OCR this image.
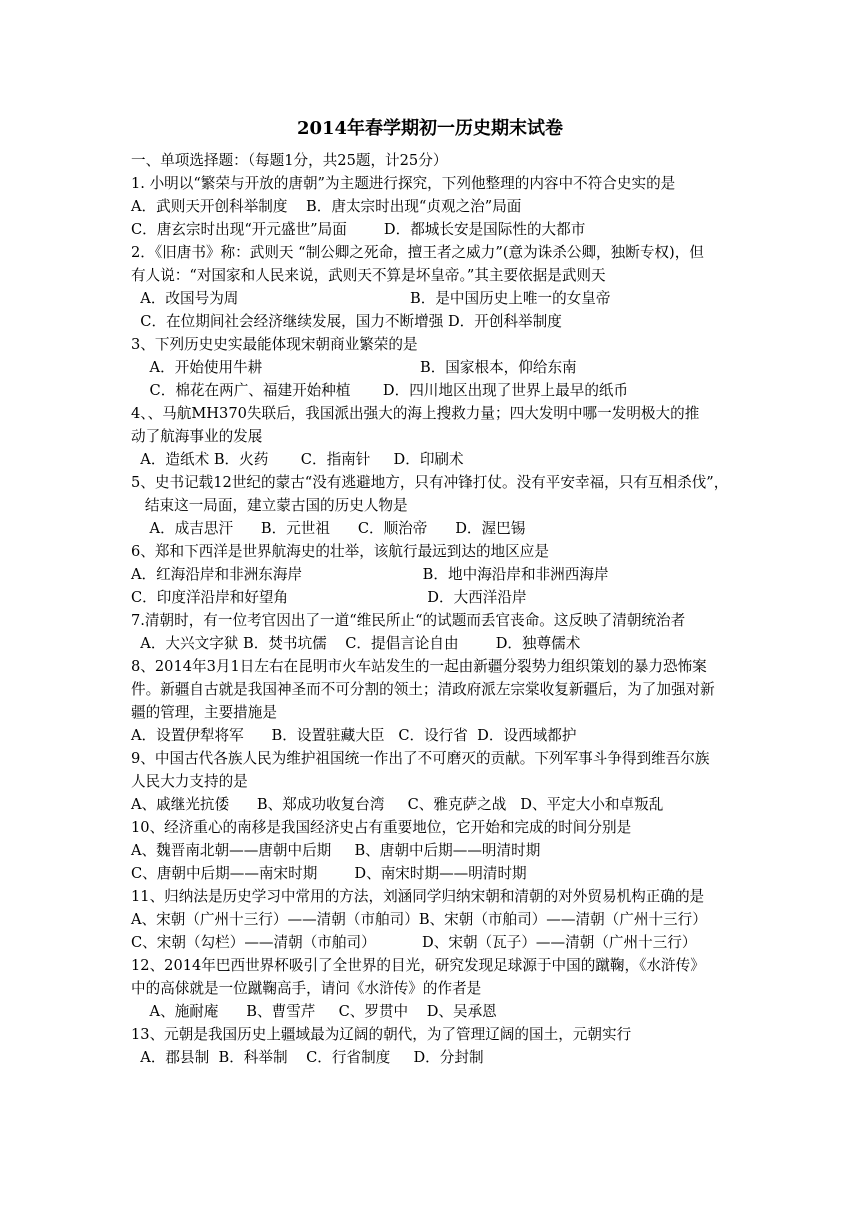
2014年春学期初一历史期末试卷
一、单项选择题：（每题1分，共25题，计25分）
1. 小明以“繁荣与开放的唐朝”为主题进行探究，下列他整理的内容中不符合史实的是
A．武则天开创科举制度    B．唐太宗时出现“贞观之治”局面
C．唐玄宗时出现“开元盛世”局面        D．都城长安是国际性的大都市
2．《旧唐书》称：武则天 “制公卿之死命，擅王者之威力”(意为诛杀公卿，独断专权)，但
有人说：“对国家和人民来说，武则天不算是坏皇帝。”其主要依据是武则天
A．改国号为周                                     B．是中国历史上唯一的女皇帝
C．在位期间社会经济继续发展，国力不断增强 D．开创科举制度
3、下列历史史实最能体现宋朝商业繁荣的是
A．开始使用牛耕                                  B．国家根本，仰给东南
C．棉花在两广、福建开始种植       D．四川地区出现了世界上最早的纸币
4、、马航MH370失联后，我国派出强大的海上搜救力量；四大发明中哪一发明极大的推
动了航海事业的发展
A．造纸术 B．火药       C．指南针     D．印刷术
5、史书记载12世纪的蒙古“没有逃避地方，只有冲锋打仗。没有平安幸福，只有互相杀伐”，
结束这一局面，建立蒙古国的历史人物是
A．成吉思汗      B．元世祖      C．顺治帝      D．渥巴锡
6、郑和下西洋是世界航海史的壮举，该航行最远到达的地区应是
A．红海沿岸和非洲东海岸                          B．地中海沿岸和非洲西海岸
C．印度洋沿岸和好望角                              D．大西洋沿岸
7.清朝时，有一位考官因出了一道“维民所止“的试题而丢官丧命。这反映了清朝统治者
A．大兴文字狱 B．焚书坑儒    C．提倡言论自由        D．独尊儒术
8、2014年3月1日左右在昆明市火车站发生的一起由新疆分裂势力组织策划的暴力恐怖案
件。新疆自古就是我国神圣而不可分割的领土；清政府派左宗棠收复新疆后，为了加强对新
疆的管理，主要措施是
A．设置伊犁将军      B．设置驻藏大臣   C．设行省  D．设西域都护
9、中国古代各族人民为维护祖国统一作出了不可磨灭的贡献。下列军事斗争得到维吾尔族
人民大力支持的是
A、戚继光抗倭      B、郑成功收复台湾     C、雅克萨之战   D、平定大小和卓叛乱
10、经济重心的南移是我国经济史占有重要地位，它开始和完成的时间分别是
A、魏晋南北朝——唐朝中后期     B、唐朝中后期——明清时期
C、唐朝中后期——南宋时期        D、南宋时期——明清时期
11、归纳法是历史学习中常用的方法，刘涵同学归纳宋朝和清朝的对外贸易机构正确的是
A、宋朝（广州十三行）——清朝（市舶司）B、宋朝（市舶司）——清朝（广州十三行）
C、宋朝（勾栏）——清朝（市舶司）          D、宋朝（瓦子）——清朝（广州十三行）
12、2014年巴西世界杯吸引了全世界的目光，研究发现足球源于中国的蹴鞠，《水浒传》
中的高俅就是一位蹴鞠高手，请问《水浒传》的作者是
A、施耐庵      B、曹雪芹     C、罗贯中    D、吴承恩
13、元朝是我国历史上疆域最为辽阔的朝代，为了管理辽阔的国土，元朝实行
A．郡县制  B．科举制    C．行省制度     D．分封制
